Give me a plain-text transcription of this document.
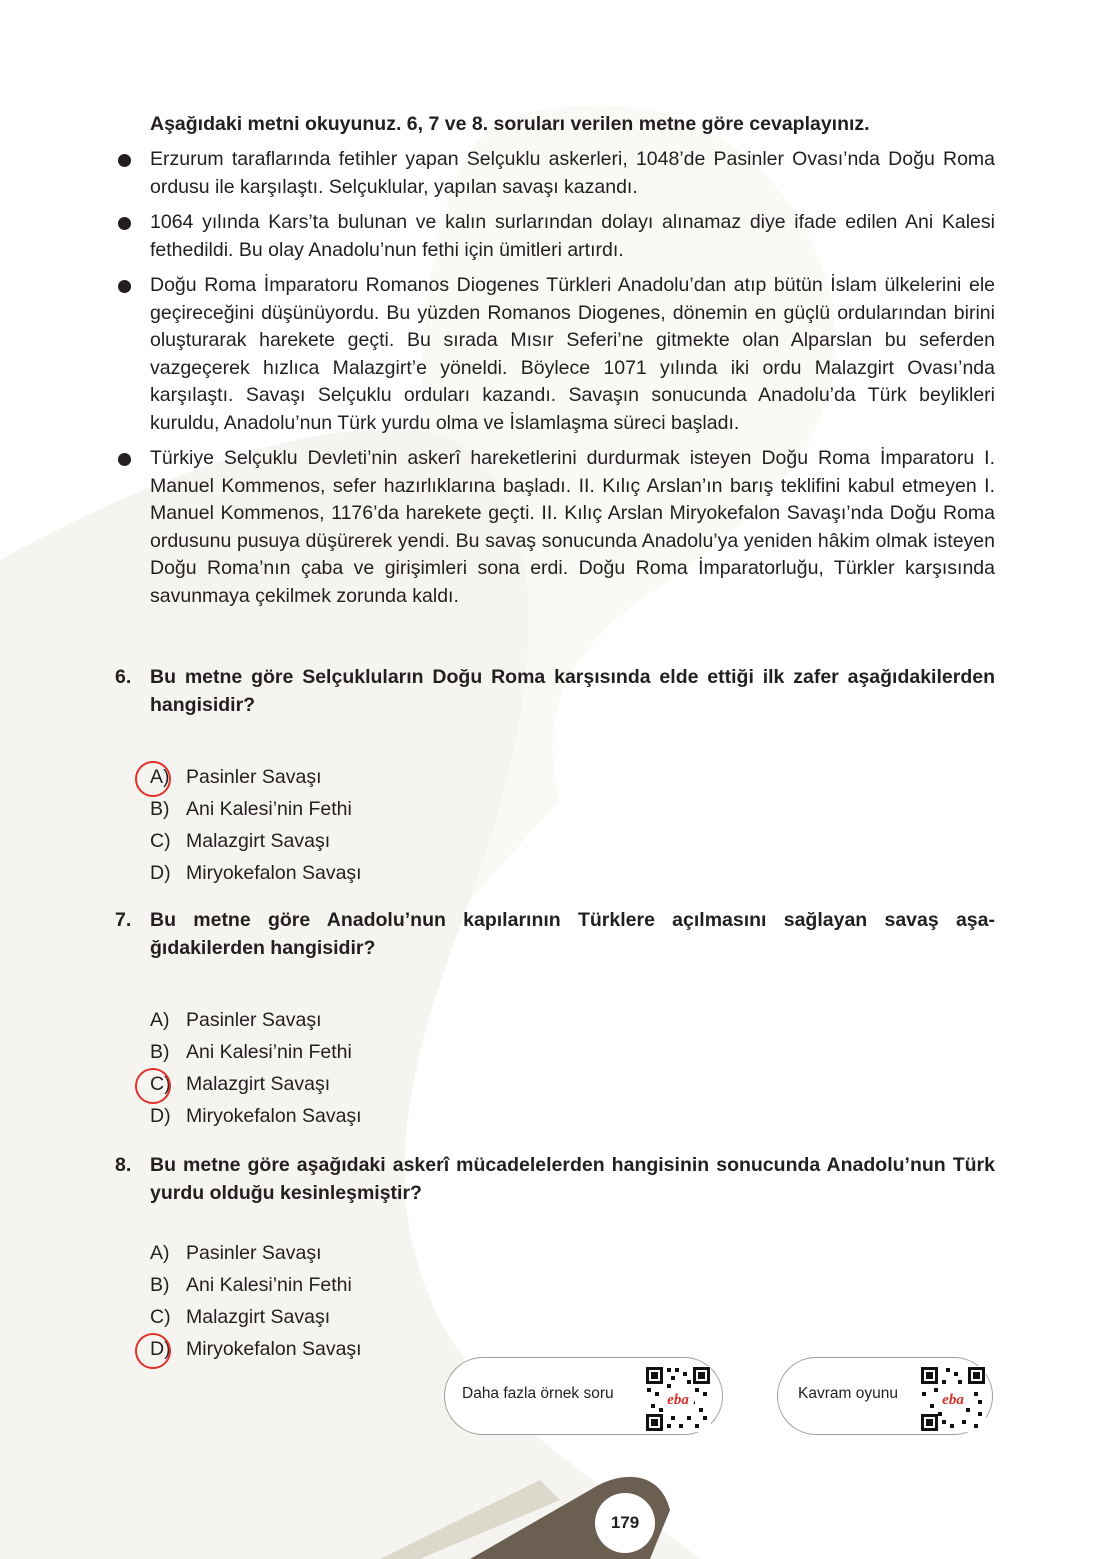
Aşağıdaki metni okuyunuz. 6, 7 ve 8. soruları verilen metne göre cevaplayınız.

Erzurum taraflarında fetihler yapan Selçuklu askerleri, 1048’de Pasinler Ovası’nda Doğu Roma ordusu ile karşılaştı. Selçuklular, yapılan savaşı kazandı.
1064 yılında Kars’ta bulunan ve kalın surlarından dolayı alınamaz diye ifade edilen Ani Kalesi fethedildi. Bu olay Anadolu’nun fethi için ümitleri artırdı.
Doğu Roma İmparatoru Romanos Diogenes Türkleri Anadolu’dan atıp bütün İslam ülkelerini ele geçireceğini düşünüyordu. Bu yüzden Romanos Diogenes, dönemin en güçlü ordularından birini oluşturarak harekete geçti. Bu sırada Mısır Seferi’ne gitmekte olan Alparslan bu seferden vazgeçerek hızlıca Malazgirt’e yöneldi. Böylece 1071 yılında iki ordu Malazgirt Ovası’nda karşılaştı. Savaşı Selçuklu orduları kazandı. Savaşın sonucunda Anadolu’da Türk beylikleri kuruldu, Anadolu’nun Türk yurdu olma ve İslamlaşma süreci başladı.
Türkiye Selçuklu Devleti’nin askerî hareketlerini durdurmak isteyen Doğu Roma İmparatoru I. Manuel Kommenos, sefer hazırlıklarına başladı. II. Kılıç Arslan’ın barış teklifini kabul etmeyen I. Manuel Kommenos, 1176’da harekete geçti. II. Kılıç Arslan Miryokefalon Savaşı’nda Doğu Roma ordusunu pusuya düşürerek yendi. Bu savaş sonucunda Anadolu’ya yeniden hâkim olmak isteyen Doğu Roma’nın çaba ve girişimleri sona erdi. Doğu Roma İmparatorluğu, Türkler karşısında savunmaya çekilmek zorunda kaldı.

6. Bu metne göre Selçukluların Doğu Roma karşısında elde ettiği ilk zafer aşağıdakilerden hangisidir?

A) Pasinler Savaşı
B) Ani Kalesi’nin Fethi
C) Malazgirt Savaşı
D) Miryokefalon Savaşı

7. Bu metne göre Anadolu’nun kapılarının Türklere açılmasını sağlayan savaş aşağıdakilerden hangisidir?

A) Pasinler Savaşı
B) Ani Kalesi’nin Fethi
C) Malazgirt Savaşı
D) Miryokefalon Savaşı

8. Bu metne göre aşağıdaki askerî mücadelelerden hangisinin sonucunda Anadolu’nun Türk yurdu olduğu kesinleşmiştir?

A) Pasinler Savaşı
B) Ani Kalesi’nin Fethi
C) Malazgirt Savaşı
D) Miryokefalon Savaşı
Daha fazla örnek soru	eba	Kavram oyunu	eba
179
